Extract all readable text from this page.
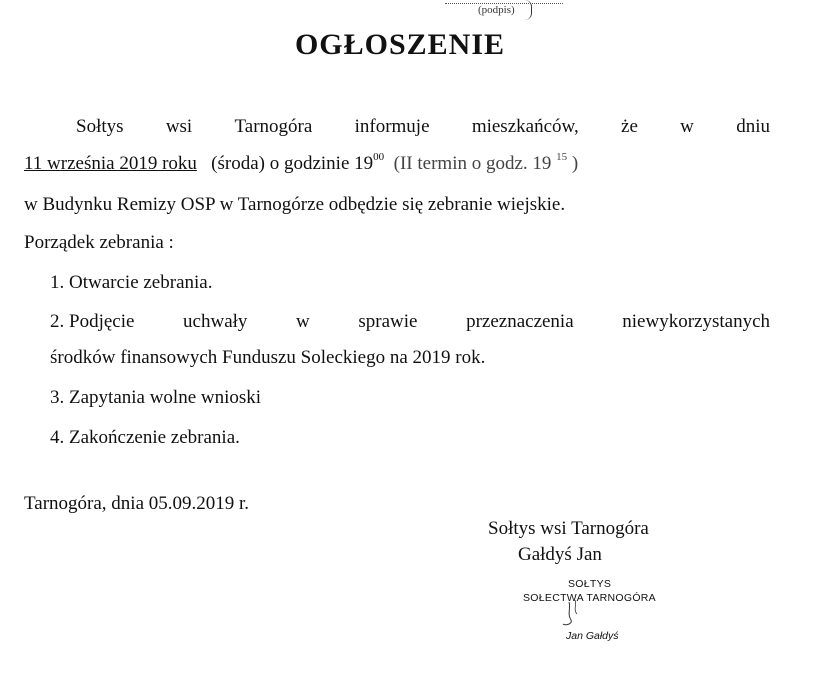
(podpis)
OGŁOSZENIE
Sołtys wsi Tarnogóra informuje mieszkańców, że w dniu
11 września 2019 roku (środa) o godzinie $19^{00}$ (II termin o godz. 19 $^{15}$ )
w Budynku Remizy OSP w Tarnogórze odbędzie się zebranie wiejskie.
Porządek zebrania :
1. Otwarcie zebrania.
2. Podjęcie	uchwały	w	sprawie	przeznaczenia	niewykorzystanych
środków finansowych Funduszu Soleckiego na 2019 rok.
3. Zapytania wolne wnioski
4. Zakończenie zebrania.
Tarnogóra, dnia 05.09.2019 r.
Sołtys wsi Tarnogóra
Gałdyś Jan
SOŁTYS
SOŁECTWA TARNOGÓRA
Jan Gałdyś
